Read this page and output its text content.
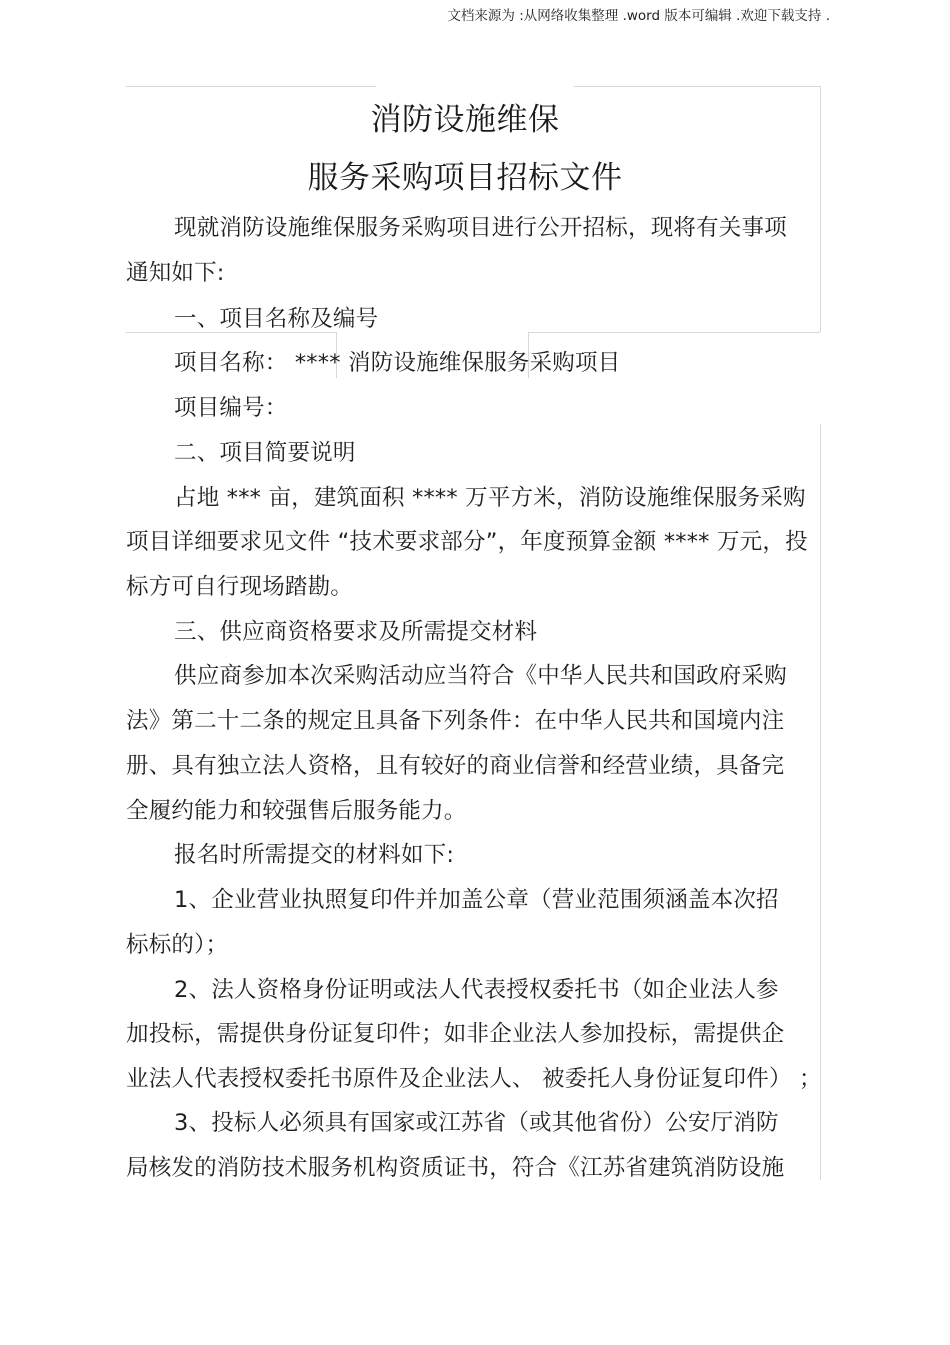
文档来源为 :从网络收集整理 .word 版本可编辑 .欢迎下载支持 .
消防设施维保
服务采购项目招标文件
现就消防设施维保服务采购项目进行公开招标，现将有关事项
通知如下:
一、项目名称及编号
项目名称： **** 消防设施维保服务采购项目
项目编号：
二、项目简要说明
占地 *** 亩，建筑面积 **** 万平方米，消防设施维保服务采购
项目详细要求见文件 “技术要求部分”，年度预算金额 **** 万元，投
标方可自行现场踏勘。
三、供应商资格要求及所需提交材料
供应商参加本次采购活动应当符合《中华人民共和国政府采购
法》第二十二条的规定且具备下列条件：在中华人民共和国境内注
册、具有独立法人资格，且有较好的商业信誉和经营业绩，具备完
全履约能力和较强售后服务能力。
报名时所需提交的材料如下:
1、企业营业执照复印件并加盖公章（营业范围须涵盖本次招
标标的）；
2、法人资格身份证明或法人代表授权委托书（如企业法人参
加投标，需提供身份证复印件；如非企业法人参加投标，需提供企
业法人代表授权委托书原件及企业法人、 被委托人身份证复印件） ；
3、投标人必须具有国家或江苏省（或其他省份）公安厅消防
局核发的消防技术服务机构资质证书，符合《江苏省建筑消防设施
